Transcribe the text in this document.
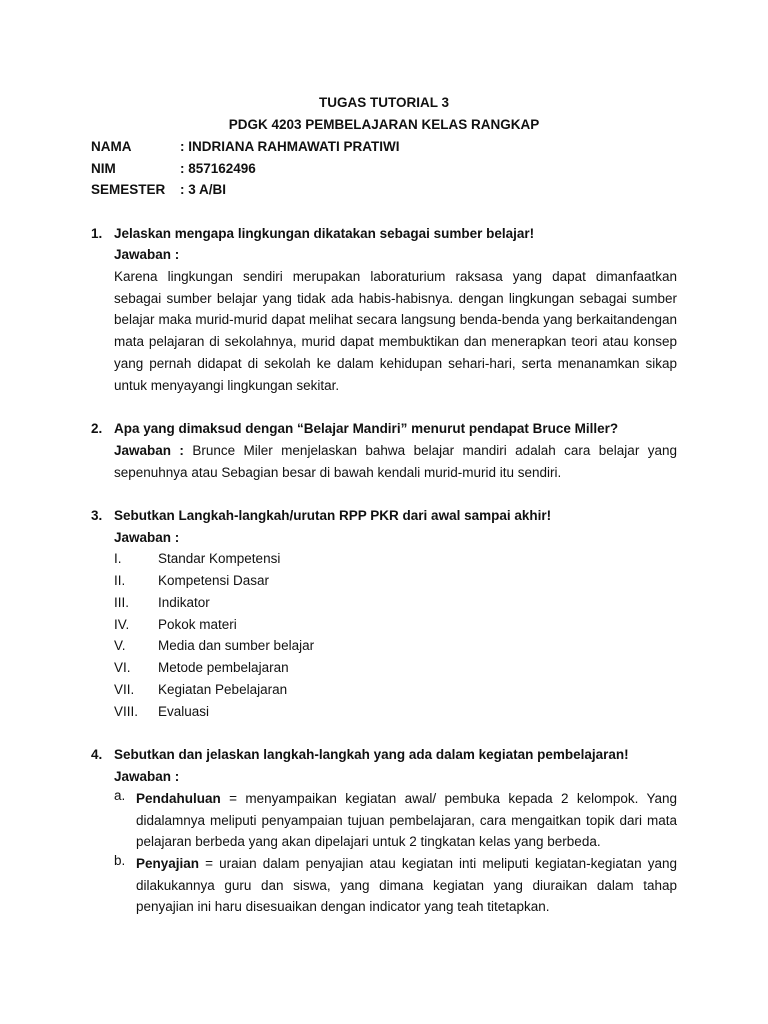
TUGAS TUTORIAL 3
PDGK 4203 PEMBELAJARAN KELAS RANGKAP
NAMA	: INDRIANA RAHMAWATI PRATIWI
NIM	: 857162496
SEMESTER : 3 A/BI
1. Jelaskan mengapa lingkungan dikatakan sebagai sumber belajar!
Jawaban :
Karena lingkungan sendiri merupakan laboraturium raksasa yang dapat dimanfaatkan sebagai sumber belajar yang tidak ada habis-habisnya. dengan lingkungan sebagai sumber belajar maka murid-murid dapat melihat secara langsung benda-benda yang berkaitandengan mata pelajaran di sekolahnya, murid dapat membuktikan dan menerapkan teori atau konsep yang pernah didapat di sekolah ke dalam kehidupan sehari-hari, serta menanamkan sikap untuk menyayangi lingkungan sekitar.
2. Apa yang dimaksud dengan “Belajar Mandiri” menurut pendapat Bruce Miller?
Jawaban : Brunce Miler menjelaskan bahwa belajar mandiri adalah cara belajar yang sepenuhnya atau Sebagian besar di bawah kendali murid-murid itu sendiri.
3. Sebutkan Langkah-langkah/urutan RPP PKR dari awal sampai akhir!
Jawaban :
I.	Standar Kompetensi
II. Kompetensi Dasar
III. Indikator
IV. Pokok materi
V. Media dan sumber belajar
VI. Metode pembelajaran
VII. Kegiatan Pebelajaran
VIII. Evaluasi
4. Sebutkan dan jelaskan langkah-langkah yang ada dalam kegiatan pembelajaran!
Jawaban :
a. Pendahuluan = menyampaikan kegiatan awal/ pembuka kepada 2 kelompok. Yang didalamnya meliputi penyampaian tujuan pembelajaran, cara mengaitkan topik dari mata pelajaran berbeda yang akan dipelajari untuk 2 tingkatan kelas yang berbeda.
b. Penyajian = uraian dalam penyajian atau kegiatan inti meliputi kegiatan-kegiatan yang dilakukannya guru dan siswa, yang dimana kegiatan yang diuraikan dalam tahap penyajian ini haru disesuaikan dengan indicator yang teah titetapkan.
